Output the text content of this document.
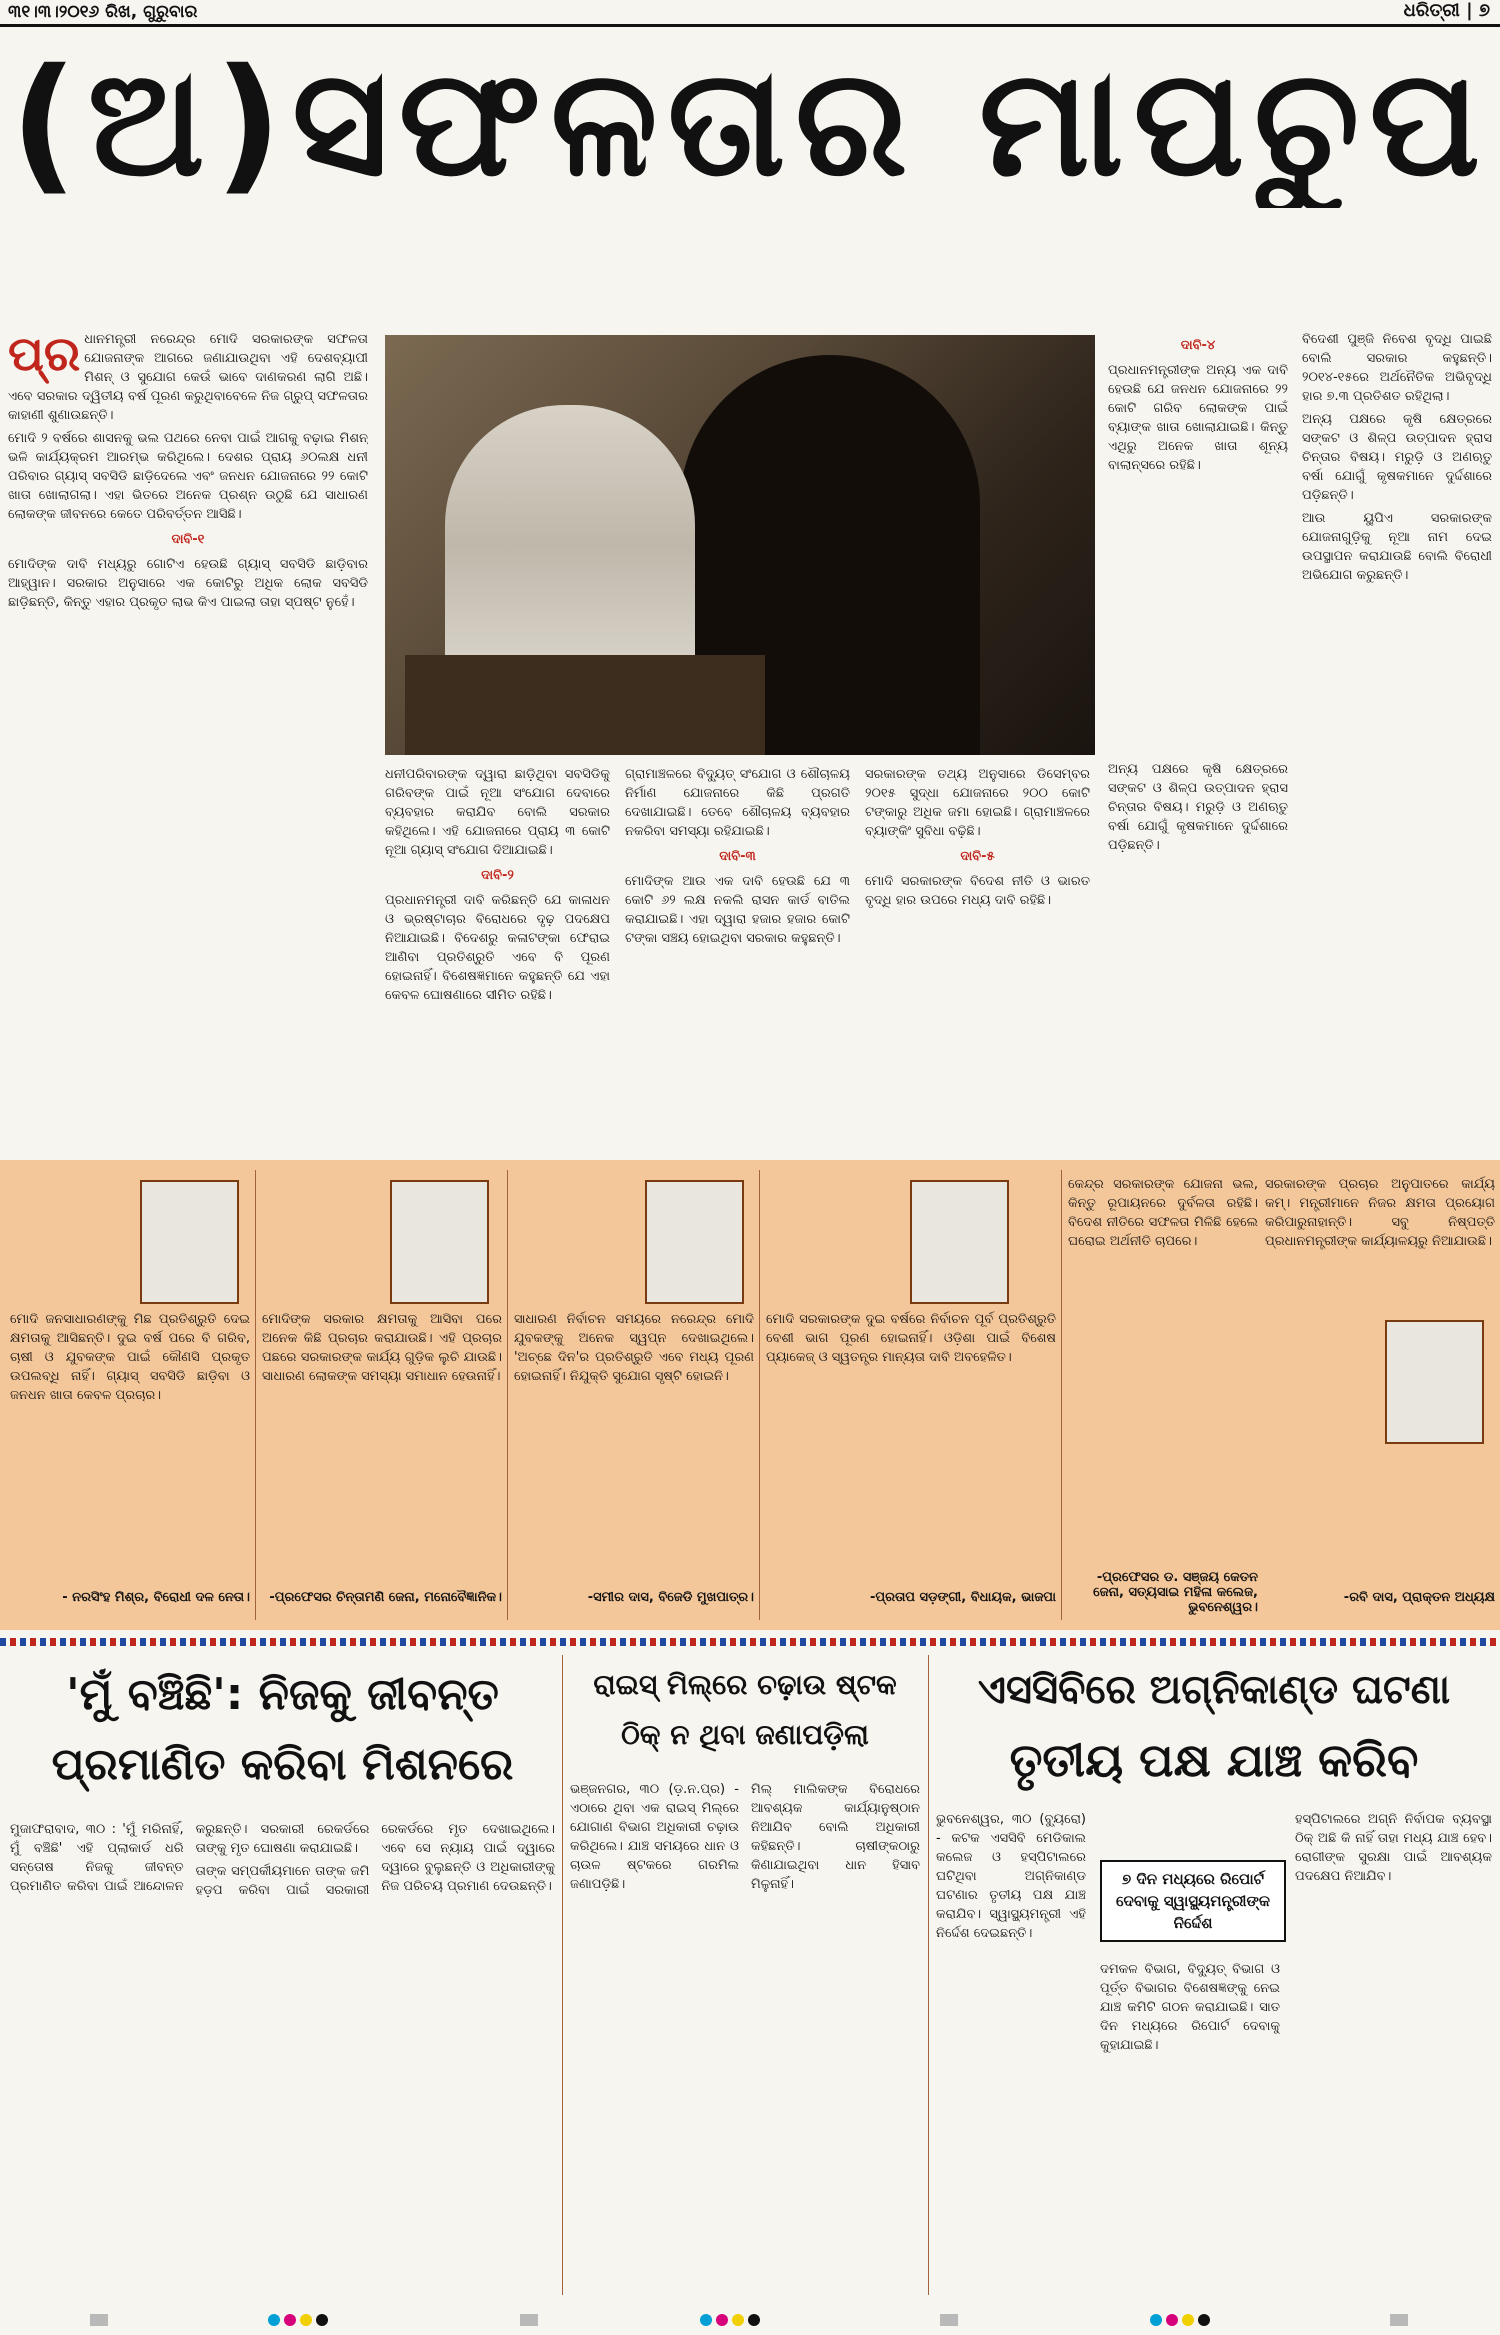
୩୧।୩।୨୦୧୬ ରିଖ, ଗୁରୁବାର	ଧରିତ୍ରୀ | ୭
(ଅ)ସଫଳତାର ମାପଚୁପ

ପ୍ର ଧାନମନ୍ତ୍ରୀ ନରେନ୍ଦ୍ର ମୋଦି ସରକାରଙ୍କ ସଫଳତା ଯୋଜନାଙ୍କ ଆଗରେ ଜଣାଯାଉଥିବା ଏହି ଦେଶବ୍ୟାପୀ ମିଶନ୍ ଓ ସୁଯୋଗ କେଉଁ ଭାବେ ଦାଣକରଣ ଲାଗି ଅଛି। ଏବେ ସରକାର ଦ୍ୱିତୀୟ ବର୍ଷ ପୂରଣ କରୁଥିବାବେଳେ ନିଜ ଗ୍ରୁପ୍ ସଫଳତାର କାହାଣୀ ଶୁଣାଉଛନ୍ତି।

ମୋଦି ୨ ବର୍ଷରେ ଶାସନକୁ ଭଲ ପଥରେ ନେବା ପାଇଁ ଆଗକୁ ବଢ଼ାଇ ମିଶନ୍ ଭଳି କାର୍ଯ୍ୟକ୍ରମ ଆରମ୍ଭ କରିଥିଲେ। ଦେଶର ପ୍ରାୟ ୬୦ଲକ୍ଷ ଧନୀ ପରିବାର ଗ୍ୟାସ୍ ସବସିଡି ଛାଡ଼ିଦେଲେ ଏବଂ ଜନଧନ ଯୋଜନାରେ ୨୨ କୋଟି ଖାତା ଖୋଲାଗଲା। ଏହା ଭିତରେ ଅନେକ ପ୍ରଶ୍ନ ଉଠୁଛି ଯେ ସାଧାରଣ ଲୋକଙ୍କ ଜୀବନରେ କେତେ ପରିବର୍ତ୍ତନ ଆସିଛି।

ଦାବି-୧

ମୋଦିଙ୍କ ଦାବି ମଧ୍ୟରୁ ଗୋଟିଏ ହେଉଛି ଗ୍ୟାସ୍ ସବସିଡି ଛାଡ଼ିବାର ଆହ୍ୱାନ। ସରକାର ଅନୁସାରେ ଏକ କୋଟିରୁ ଅଧିକ ଲୋକ ସବସିଡି ଛାଡ଼ିଛନ୍ତି, କିନ୍ତୁ ଏହାର ପ୍ରକୃତ ଲାଭ କିଏ ପାଇଲା ତାହା ସ୍ପଷ୍ଟ ନୁହେଁ।

ଧନୀପରିବାରଙ୍କ ଦ୍ୱାରା ଛାଡ଼ିଥିବା ସବସିଡିକୁ ଗରିବଙ୍କ ପାଇଁ ନୂଆ ସଂଯୋଗ ଦେବାରେ ବ୍ୟବହାର କରାଯିବ ବୋଲି ସରକାର କହିଥିଲେ। ଏହି ଯୋଜନାରେ ପ୍ରାୟ ୩ କୋଟି ନୂଆ ଗ୍ୟାସ୍ ସଂଯୋଗ ଦିଆଯାଇଛି।

ଦାବି-୨

ପ୍ରଧାନମନ୍ତ୍ରୀ ଦାବି କରିଛନ୍ତି ଯେ କାଳାଧନ ଓ ଭ୍ରଷ୍ଟାଚାର ବିରୋଧରେ ଦୃଢ଼ ପଦକ୍ଷେପ ନିଆଯାଇଛି। ବିଦେଶରୁ କଳାଟଙ୍କା ଫେରାଇ ଆଣିବା ପ୍ରତିଶ୍ରୁତି ଏବେ ବି ପୂରଣ ହୋଇନାହିଁ। ବିଶେଷଜ୍ଞମାନେ କହୁଛନ୍ତି ଯେ ଏହା କେବଳ ଘୋଷଣାରେ ସୀମିତ ରହିଛି।

ଗ୍ରାମାଞ୍ଚଳରେ ବିଦ୍ୟୁତ୍ ସଂଯୋଗ ଓ ଶୌଚାଳୟ ନିର୍ମାଣ ଯୋଜନାରେ କିଛି ପ୍ରଗତି ଦେଖାଯାଇଛି। ତେବେ ଶୌଚାଳୟ ବ୍ୟବହାର ନକରିବା ସମସ୍ୟା ରହିଯାଇଛି।

ଦାବି-୩

ମୋଦିଙ୍କ ଆଉ ଏକ ଦାବି ହେଉଛି ଯେ ୩ କୋଟି ୬୨ ଲକ୍ଷ ନକଲି ରାସନ କାର୍ଡ ବାତିଲ କରାଯାଇଛି। ଏହା ଦ୍ୱାରା ହଜାର ହଜାର କୋଟି ଟଙ୍କା ସଞ୍ଚୟ ହୋଇଥିବା ସରକାର କହୁଛନ୍ତି।

ସରକାରଙ୍କ ତଥ୍ୟ ଅନୁସାରେ ଡିସେମ୍ବର ୨୦୧୫ ସୁଦ୍ଧା ଯୋଜନାରେ ୨୦୦ କୋଟି ଟଙ୍କାରୁ ଅଧିକ ଜମା ହୋଇଛି। ଗ୍ରାମାଞ୍ଚଳରେ ବ୍ୟାଙ୍କିଂ ସୁବିଧା ବଢ଼ିଛି।

ଦାବି-୫

ମୋଦି ସରକାରଙ୍କ ବିଦେଶ ନୀତି ଓ ଭାରତ ବୃଦ୍ଧି ହାର ଉପରେ ମଧ୍ୟ ଦାବି ରହିଛି।

ଦାବି-୪

ପ୍ରଧାନମନ୍ତ୍ରୀଙ୍କ ଅନ୍ୟ ଏକ ଦାବି ହେଉଛି ଯେ ଜନଧନ ଯୋଜନାରେ ୨୨ କୋଟି ଗରିବ ଲୋକଙ୍କ ପାଇଁ ବ୍ୟାଙ୍କ ଖାତା ଖୋଲାଯାଇଛି। କିନ୍ତୁ ଏଥିରୁ ଅନେକ ଖାତା ଶୂନ୍ୟ ବାଲାନ୍ସରେ ରହିଛି।

ବିଦେଶୀ ପୁଞ୍ଜି ନିବେଶ ବୃଦ୍ଧି ପାଇଛି ବୋଲି ସରକାର କହୁଛନ୍ତି। ୨୦୧୪-୧୫ରେ ଅର୍ଥନୈତିକ ଅଭିବୃଦ୍ଧି ହାର ୭.୩ ପ୍ରତିଶତ ରହିଥିଲା।

ଅନ୍ୟ ପକ୍ଷରେ କୃଷି କ୍ଷେତ୍ରରେ ସଙ୍କଟ ଓ ଶିଳ୍ପ ଉତ୍ପାଦନ ହ୍ରାସ ଚିନ୍ତାର ବିଷୟ। ମରୁଡ଼ି ଓ ଅଣଋତୁ ବର୍ଷା ଯୋଗୁଁ କୃଷକମାନେ ଦୁର୍ଦ୍ଦଶାରେ ପଡ଼ିଛନ୍ତି।

ଆଉ ୟୁପିଏ ସରକାରଙ୍କ ଯୋଜନାଗୁଡ଼ିକୁ ନୂଆ ନାମ ଦେଇ ଉପସ୍ଥାପନ କରାଯାଉଛି ବୋଲି ବିରୋଧୀ ଅଭିଯୋଗ କରୁଛନ୍ତି।

ଅନ୍ୟ ପକ୍ଷରେ କୃଷି କ୍ଷେତ୍ରରେ ସଙ୍କଟ ଓ ଶିଳ୍ପ ଉତ୍ପାଦନ ହ୍ରାସ ଚିନ୍ତାର ବିଷୟ। ମରୁଡ଼ି ଓ ଅଣଋତୁ ବର୍ଷା ଯୋଗୁଁ କୃଷକମାନେ ଦୁର୍ଦ୍ଦଶାରେ ପଡ଼ିଛନ୍ତି।

ମୋଦି ଜନସାଧାରଣଙ୍କୁ ମିଛ ପ୍ରତିଶ୍ରୁତି ଦେଇ କ୍ଷମତାକୁ ଆସିଛନ୍ତି। ଦୁଇ ବର୍ଷ ପରେ ବି ଗରିବ, ଚାଷୀ ଓ ଯୁବକଙ୍କ ପାଇଁ କୌଣସି ପ୍ରକୃତ ଉପଲବ୍ଧି ନାହିଁ। ଗ୍ୟାସ୍ ସବସିଡି ଛାଡ଼ିବା ଓ ଜନଧନ ଖାତା କେବଳ ପ୍ରଚାର।

- ନରସିଂହ ମିଶ୍ର, ବିରୋଧୀ ଦଳ ନେତା।

ମୋଦିଙ୍କ ସରକାର କ୍ଷମତାକୁ ଆସିବା ପରେ ଅନେକ କିଛି ପ୍ରଚାର କରାଯାଉଛି। ଏହି ପ୍ରଚାର ପଛରେ ସରକାରଙ୍କ କାର୍ଯ୍ୟ ଗୁଡ଼ିକ ଲୁଚି ଯାଉଛି। ସାଧାରଣ ଲୋକଙ୍କ ସମସ୍ୟା ସମାଧାନ ହେଉନାହିଁ।

-ପ୍ରଫେସର ଚିନ୍ତାମଣି ଜେନା, ମନୋବୈଜ୍ଞାନିକ।

ସାଧାରଣ ନିର୍ବାଚନ ସମୟରେ ନରେନ୍ଦ୍ର ମୋଦି ଯୁବକଙ୍କୁ ଅନେକ ସ୍ୱପ୍ନ ଦେଖାଇଥିଲେ। 'ଅଚ୍ଛେ ଦିନ'ର ପ୍ରତିଶ୍ରୁତି ଏବେ ମଧ୍ୟ ପୂରଣ ହୋଇନାହିଁ। ନିଯୁକ୍ତି ସୁଯୋଗ ସୃଷ୍ଟି ହୋଇନି।

-ସମୀର ଦାସ, ବିଜେଡି ମୁଖପାତ୍ର।

ମୋଦି ସରକାରଙ୍କ ଦୁଇ ବର୍ଷରେ ନିର୍ବାଚନ ପୂର୍ବ ପ୍ରତିଶ୍ରୁତି ବେଶୀ ଭାଗ ପୂରଣ ହୋଇନାହିଁ। ଓଡ଼ିଶା ପାଇଁ ବିଶେଷ ପ୍ୟାକେଜ୍ ଓ ସ୍ୱତନ୍ତ୍ର ମାନ୍ୟତା ଦାବି ଅବହେଳିତ।

-ପ୍ରତାପ ସଡ଼ଙ୍ଗୀ, ବିଧାୟକ, ଭାଜପା

କେନ୍ଦ୍ର ସରକାରଙ୍କ ଯୋଜନା ଭଲ, କିନ୍ତୁ ରୂପାୟନରେ ଦୁର୍ବଳତା ରହିଛି। ବିଦେଶ ନୀତିରେ ସଫଳତା ମିଳିଛି ହେଲେ ଘରୋଇ ଅର୍ଥନୀତି ଚାପରେ।

-ପ୍ରଫେସର ଡ. ସଞ୍ଜୟ କେତନ ଜେନା, ସତ୍ୟସାଇ ମହିଳା କଲେଜ, ଭୁବନେଶ୍ୱର।

ସରକାରଙ୍କ ପ୍ରଚାର ଅନୁପାତରେ କାର୍ଯ୍ୟ କମ୍। ମନ୍ତ୍ରୀମାନେ ନିଜର କ୍ଷମତା ପ୍ରୟୋଗ କରିପାରୁନାହାନ୍ତି। ସବୁ ନିଷ୍ପତ୍ତି ପ୍ରଧାନମନ୍ତ୍ରୀଙ୍କ କାର୍ଯ୍ୟାଳୟରୁ ନିଆଯାଉଛି।

-ରବି ଦାସ, ପ୍ରାକ୍ତନ ଅଧ୍ୟକ୍ଷ
'ମୁଁ ବଞ୍ଚିଛି': ନିଜକୁ ଜୀବନ୍ତ ପ୍ରମାଣିତ କରିବା ମିଶନରେ

ମୁଜାଫରାବାଦ, ୩୦ : 'ମୁଁ ମରିନାହିଁ, ମୁଁ ବଞ୍ଚିଛି' ଏହି ପ୍ଲାକାର୍ଡ ଧରି ସନ୍ତୋଷ ନିଜକୁ ଜୀବନ୍ତ ପ୍ରମାଣିତ କରିବା ପାଇଁ ଆନ୍ଦୋଳନ କରୁଛନ୍ତି। ସରକାରୀ ରେକର୍ଡରେ ତାଙ୍କୁ ମୃତ ଘୋଷଣା କରାଯାଇଛି।

ତାଙ୍କ ସମ୍ପର୍କୀୟମାନେ ତାଙ୍କ ଜମି ହଡ଼ପ କରିବା ପାଇଁ ସରକାରୀ ରେକର୍ଡରେ ମୃତ ଦେଖାଇଥିଲେ। ଏବେ ସେ ନ୍ୟାୟ ପାଇଁ ଦ୍ୱାରେ ଦ୍ୱାରେ ବୁଲୁଛନ୍ତି ଓ ଅଧିକାରୀଙ୍କୁ ନିଜ ପରିଚୟ ପ୍ରମାଣ ଦେଉଛନ୍ତି।

ରାଇସ୍ ମିଲ୍‌ରେ ଚଢ଼ାଉ ଷ୍ଟକ ଠିକ୍ ନ ଥିବା ଜଣାପଡ଼ିଲା

ଭଞ୍ଜନଗର, ୩୦ (ଡ଼.ନ.ପ୍ର) - ଏଠାରେ ଥିବା ଏକ ରାଇସ୍ ମିଲ୍‌ରେ ଯୋଗାଣ ବିଭାଗ ଅଧିକାରୀ ଚଢ଼ାଉ କରିଥିଲେ। ଯାଞ୍ଚ ସମୟରେ ଧାନ ଓ ଚାଉଳ ଷ୍ଟକରେ ଗରମିଲ ଜଣାପଡ଼ିଛି।

ମିଲ୍ ମାଲିକଙ୍କ ବିରୋଧରେ ଆବଶ୍ୟକ କାର୍ଯ୍ୟାନୁଷ୍ଠାନ ନିଆଯିବ ବୋଲି ଅଧିକାରୀ କହିଛନ୍ତି। ଚାଷୀଙ୍କଠାରୁ କିଣାଯାଇଥିବା ଧାନ ହିସାବ ମିଳୁନାହିଁ।

ଏସସିବିରେ ଅଗ୍ନିକାଣ୍ଡ ଘଟଣା
ତୃତୀୟ ପକ୍ଷ ଯାଞ୍ଚ କରିବ
୭ ଦିନ ମଧ୍ୟରେ ରିପୋର୍ଟ ଦେବାକୁ ସ୍ୱାସ୍ଥ୍ୟମନ୍ତ୍ରୀଙ୍କ ନିର୍ଦ୍ଦେଶ

ଭୁବନେଶ୍ୱର, ୩୦ (ବ୍ୟୁରୋ) - କଟକ ଏସସିବି ମେଡିକାଲ କଲେଜ ଓ ହସ୍ପିଟାଲରେ ଘଟିଥିବା ଅଗ୍ନିକାଣ୍ଡ ଘଟଣାର ତୃତୀୟ ପକ୍ଷ ଯାଞ୍ଚ କରାଯିବ। ସ୍ୱାସ୍ଥ୍ୟମନ୍ତ୍ରୀ ଏହି ନିର୍ଦ୍ଦେଶ ଦେଇଛନ୍ତି।

ଦମକଳ ବିଭାଗ, ବିଦ୍ୟୁତ୍ ବିଭାଗ ଓ ପୂର୍ତ୍ତ ବିଭାଗର ବିଶେଷଜ୍ଞଙ୍କୁ ନେଇ ଯାଞ୍ଚ କମିଟି ଗଠନ କରାଯାଇଛି। ସାତ ଦିନ ମଧ୍ୟରେ ରିପୋର୍ଟ ଦେବାକୁ କୁହାଯାଇଛି।

ହସ୍ପିଟାଲରେ ଅଗ୍ନି ନିର୍ବାପକ ବ୍ୟବସ୍ଥା ଠିକ୍ ଅଛି କି ନାହିଁ ତାହା ମଧ୍ୟ ଯାଞ୍ଚ ହେବ। ରୋଗୀଙ୍କ ସୁରକ୍ଷା ପାଇଁ ଆବଶ୍ୟକ ପଦକ୍ଷେପ ନିଆଯିବ।
